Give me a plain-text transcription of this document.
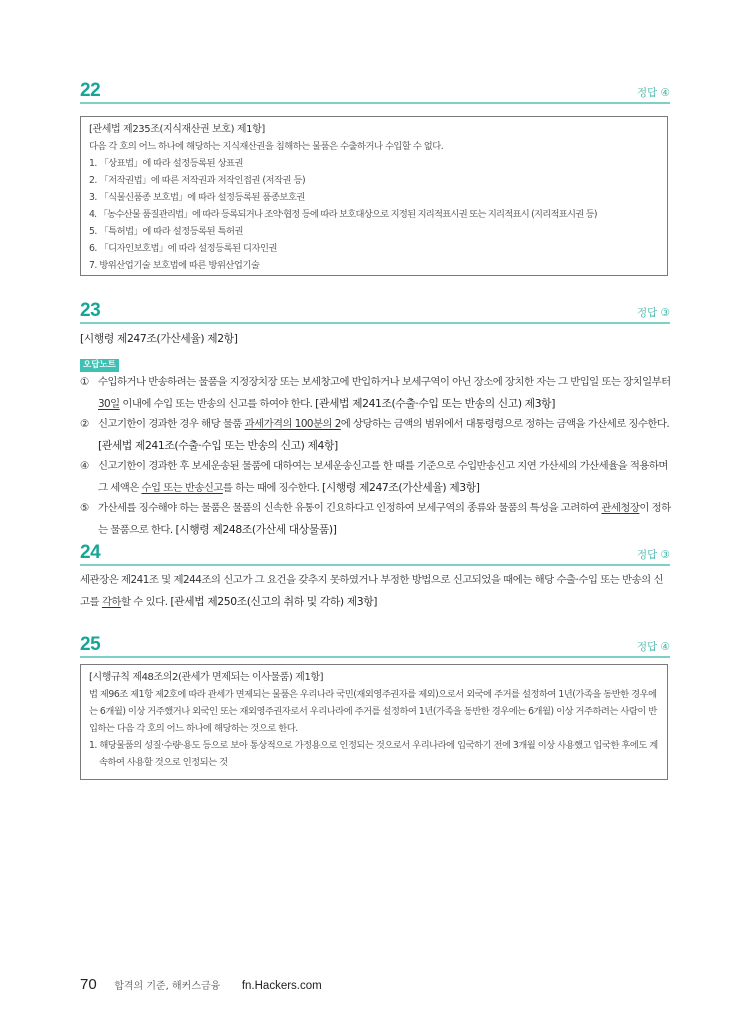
22	정답 ④
[관세법 제235조(지식재산권 보호) 제1항]
다음 각 호의 어느 하나에 해당하는 지식재산권을 침해하는 물품은 수출하거나 수입할 수 없다.
1. 「상표법」에 따라 설정등록된 상표권
2. 「저작권법」에 따른 저작권과 저작인접권 (저작권 등)
3. 「식물신품종 보호법」에 따라 설정등록된 품종보호권
4. 「농수산물 품질관리법」에 따라 등록되거나 조약·협정 등에 따라 보호대상으로 지정된 지리적표시권 또는 지리적표시 (지리적표시권 등)
5. 「특허법」에 따라 설정등록된 특허권
6. 「디자인보호법」에 따라 설정등록된 디자인권
7. 방위산업기술 보호법에 따른 방위산업기술
23	정답 ③
[시행령 제247조(가산세율) 제2항]
오답노트
① 수입하거나 반송하려는 물품을 지정장치장 또는 보세창고에 반입하거나 보세구역이 아닌 장소에 장치한 자는 그 반입일 또는 장치일부터 30일 이내에 수입 또는 반송의 신고를 하여야 한다. [관세법 제241조(수출·수입 또는 반송의 신고) 제3항]
② 신고기한이 경과한 경우 해당 물품 과세가격의 100분의 2에 상당하는 금액의 범위에서 대통령령으로 정하는 금액을 가산세로 징수한다. [관세법 제241조(수출·수입 또는 반송의 신고) 제4항]
④ 신고기한이 경과한 후 보세운송된 물품에 대하여는 보세운송신고를 한 때를 기준으로 수입반송신고 지연 가산세의 가산세율을 적용하며 그 세액은 수입 또는 반송신고를 하는 때에 징수한다. [시행령 제247조(가산세율) 제3항]
⑤ 가산세를 징수해야 하는 물품은 물품의 신속한 유통이 긴요하다고 인정하여 보세구역의 종류와 물품의 특성을 고려하여 관세청장이 정하는 물품으로 한다. [시행령 제248조(가산세 대상물품)]
24	정답 ③
세관장은 제241조 및 제244조의 신고가 그 요건을 갖추지 못하였거나 부정한 방법으로 신고되었을 때에는 해당 수출·수입 또는 반송의 신고를 각하할 수 있다. [관세법 제250조(신고의 취하 및 각하) 제3항]
25	정답 ④
[시행규칙 제48조의2(관세가 면제되는 이사물품) 제1항]
법 제96조 제1항 제2호에 따라 관세가 면제되는 물품은 우리나라 국민(재외영주권자를 제외)으로서 외국에 주거를 설정하여 1년(가족을 동반한 경우에는 6개월) 이상 거주했거나 외국인 또는 재외영주권자로서 우리나라에 주거를 설정하여 1년(가족을 동반한 경우에는 6개월) 이상 거주하려는 사람이 반입하는 다음 각 호의 어느 하나에 해당하는 것으로 한다.
1. 해당물품의 성질·수량·용도 등으로 보아 통상적으로 가정용으로 인정되는 것으로서 우리나라에 입국하기 전에 3개월 이상 사용했고 입국한 후에도 계속하여 사용할 것으로 인정되는 것
70 합격의 기준, 해커스금융 fn.Hackers.com
